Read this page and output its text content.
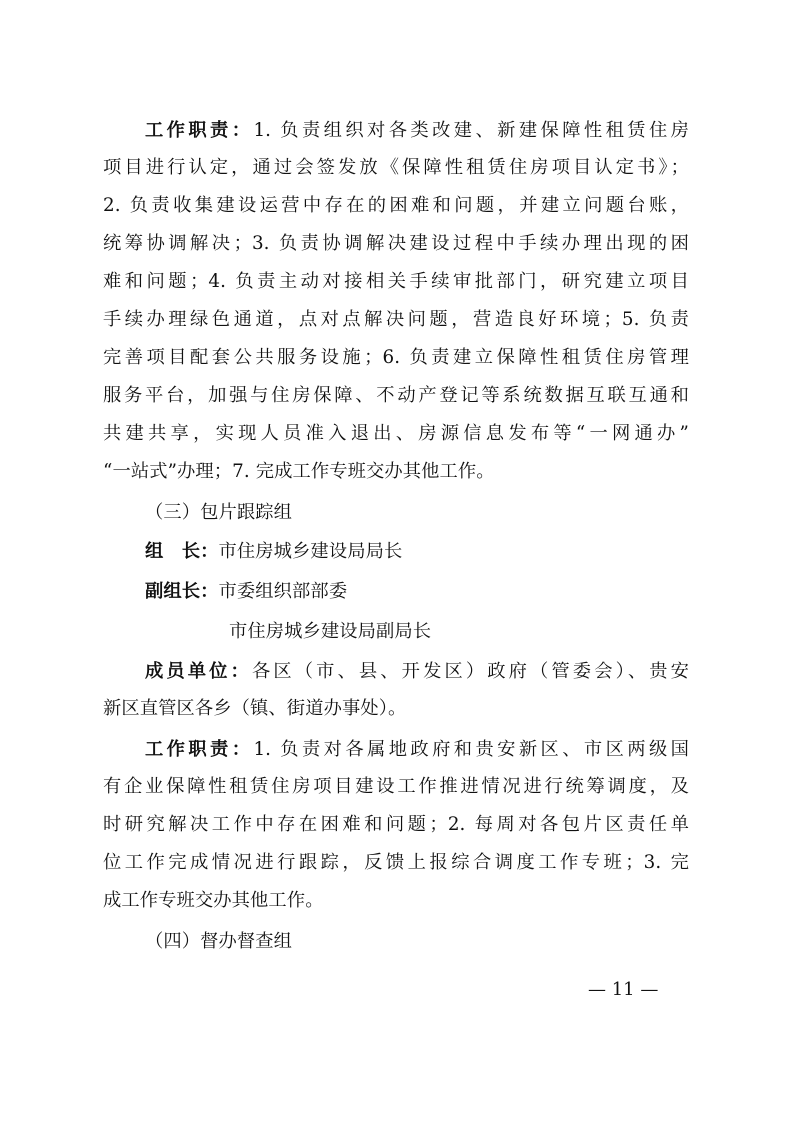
工作职责：1. 负责组织对各类改建、新建保障性租赁住房
项目进行认定，通过会签发放《保障性租赁住房项目认定书》；
2. 负责收集建设运营中存在的困难和问题，并建立问题台账，
统筹协调解决；3. 负责协调解决建设过程中手续办理出现的困
难和问题；4. 负责主动对接相关手续审批部门，研究建立项目
手续办理绿色通道，点对点解决问题，营造良好环境；5. 负责
完善项目配套公共服务设施；6. 负责建立保障性租赁住房管理
服务平台，加强与住房保障、不动产登记等系统数据互联互通和
共建共享，实现人员准入退出、房源信息发布等“一网通办”
“一站式”办理；7. 完成工作专班交办其他工作。
（三）包片跟踪组
组　长：市住房城乡建设局局长
副组长：市委组织部部委
市住房城乡建设局副局长
成员单位：各区（市、县、开发区）政府（管委会）、贵安
新区直管区各乡（镇、街道办事处）。
工作职责：1. 负责对各属地政府和贵安新区、市区两级国
有企业保障性租赁住房项目建设工作推进情况进行统筹调度，及
时研究解决工作中存在困难和问题；2. 每周对各包片区责任单
位工作完成情况进行跟踪，反馈上报综合调度工作专班；3. 完
成工作专班交办其他工作。
（四）督办督查组
— 11 —
